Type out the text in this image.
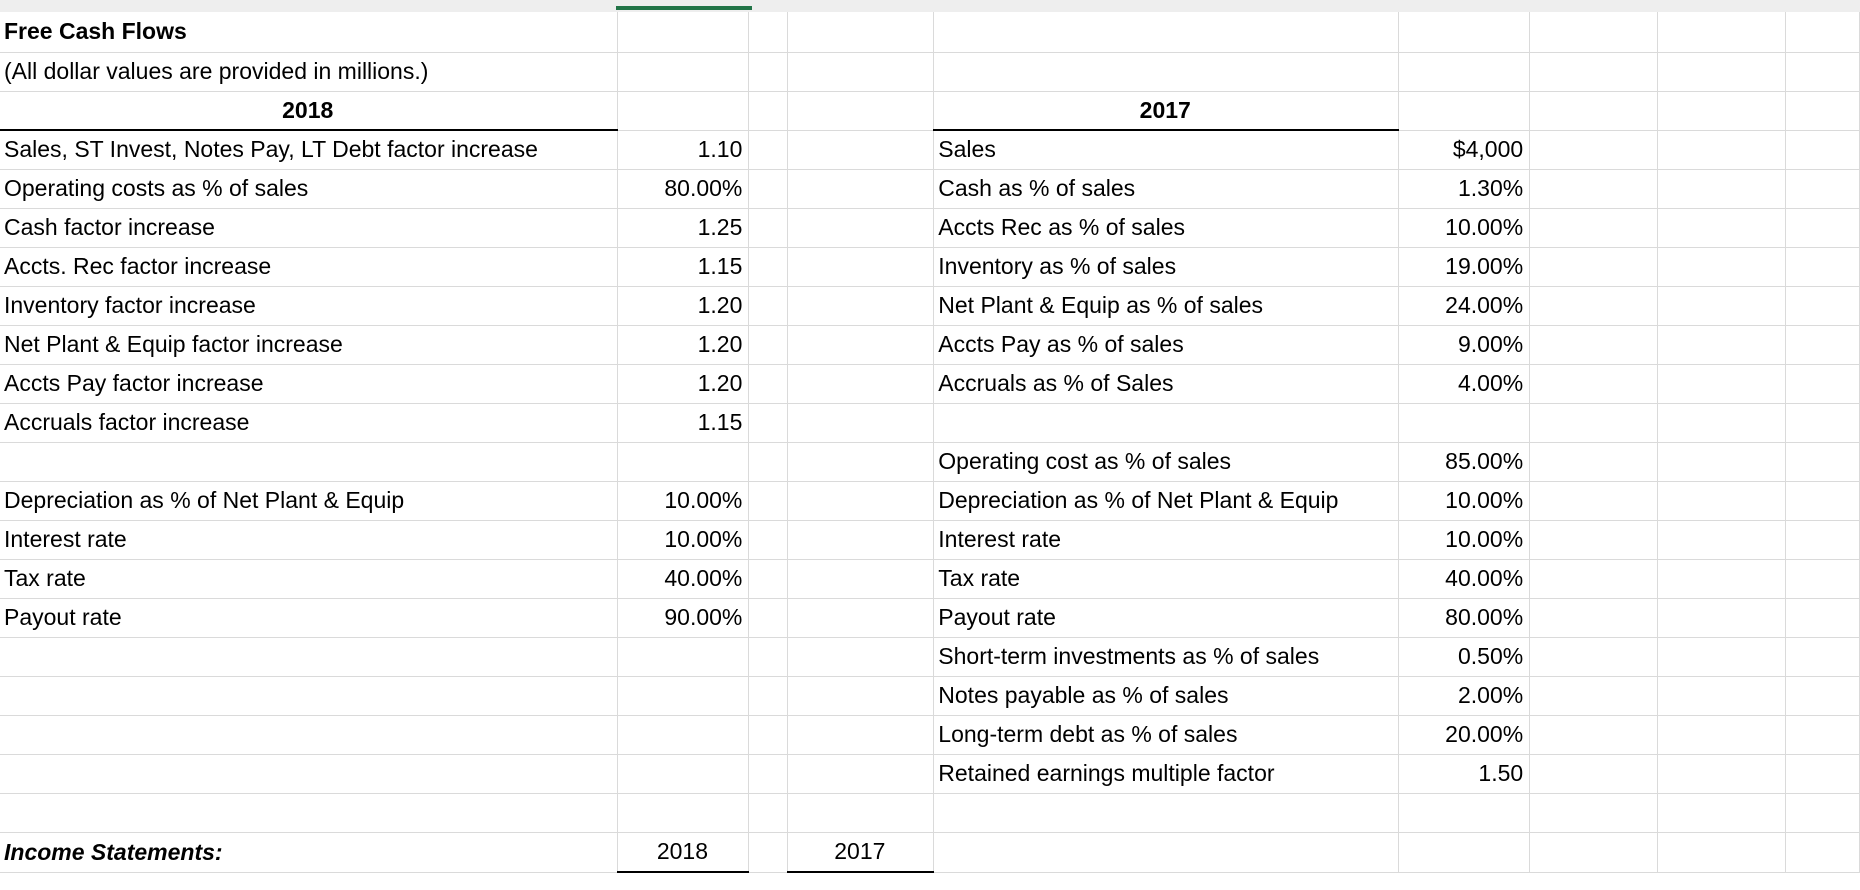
Free Cash Flows								
(All dollar values are provided in millions.)								
2018				2017				
Sales, ST Invest, Notes Pay, LT Debt factor increase	1.10			Sales	$4,000			
Operating costs as % of sales	80.00%			Cash as % of sales	1.30%			
Cash factor increase	1.25			Accts Rec as % of sales	10.00%			
Accts. Rec factor increase	1.15			Inventory as % of sales	19.00%			
Inventory factor increase	1.20			Net Plant & Equip as % of sales	24.00%			
Net Plant & Equip factor increase	1.20			Accts Pay as % of sales	9.00%			
Accts Pay factor increase	1.20			Accruals as % of Sales	4.00%			
Accruals factor increase	1.15							
				Operating cost as % of sales	85.00%			
Depreciation as % of Net Plant & Equip	10.00%			Depreciation as % of Net Plant & Equip	10.00%			
Interest rate	10.00%			Interest rate	10.00%			
Tax rate	40.00%			Tax rate	40.00%			
Payout rate	90.00%			Payout rate	80.00%			
				Short-term investments as % of sales	0.50%			
				Notes payable as % of sales	2.00%			
				Long-term debt as % of sales	20.00%			
				Retained earnings multiple factor	1.50			

Income Statements:	2018		2017					
